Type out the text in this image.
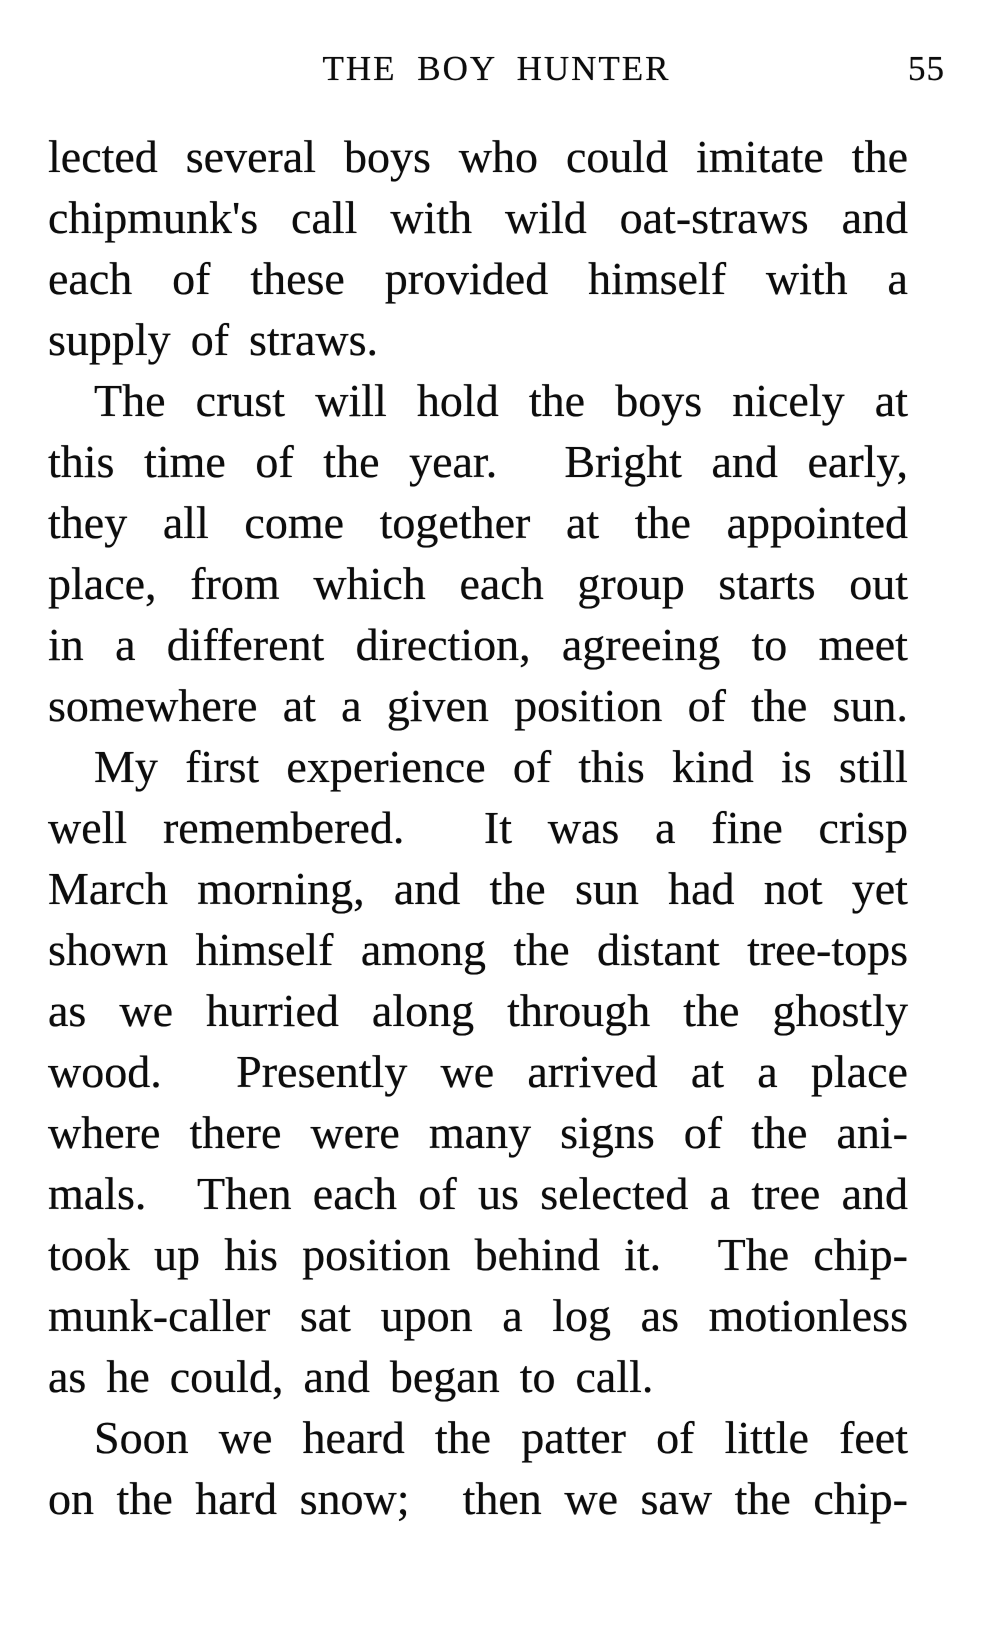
THE BOY HUNTER	55
lected several boys who could imitate the
chipmunk's call with wild oat-straws and
each of these provided himself with a
supply of straws.
The crust will hold the boys nicely at
this time of the year. Bright and early,
they all come together at the appointed
place, from which each group starts out
in a different direction, agreeing to meet
somewhere at a given position of the sun.
My first experience of this kind is still
well remembered. It was a fine crisp
March morning, and the sun had not yet
shown himself among the distant tree-tops
as we hurried along through the ghostly
wood. Presently we arrived at a place
where there were many signs of the ani-
mals. Then each of us selected a tree and
took up his position behind it. The chip-
munk-caller sat upon a log as motionless
as he could, and began to call.
Soon we heard the patter of little feet
on the hard snow; then we saw the chip-
